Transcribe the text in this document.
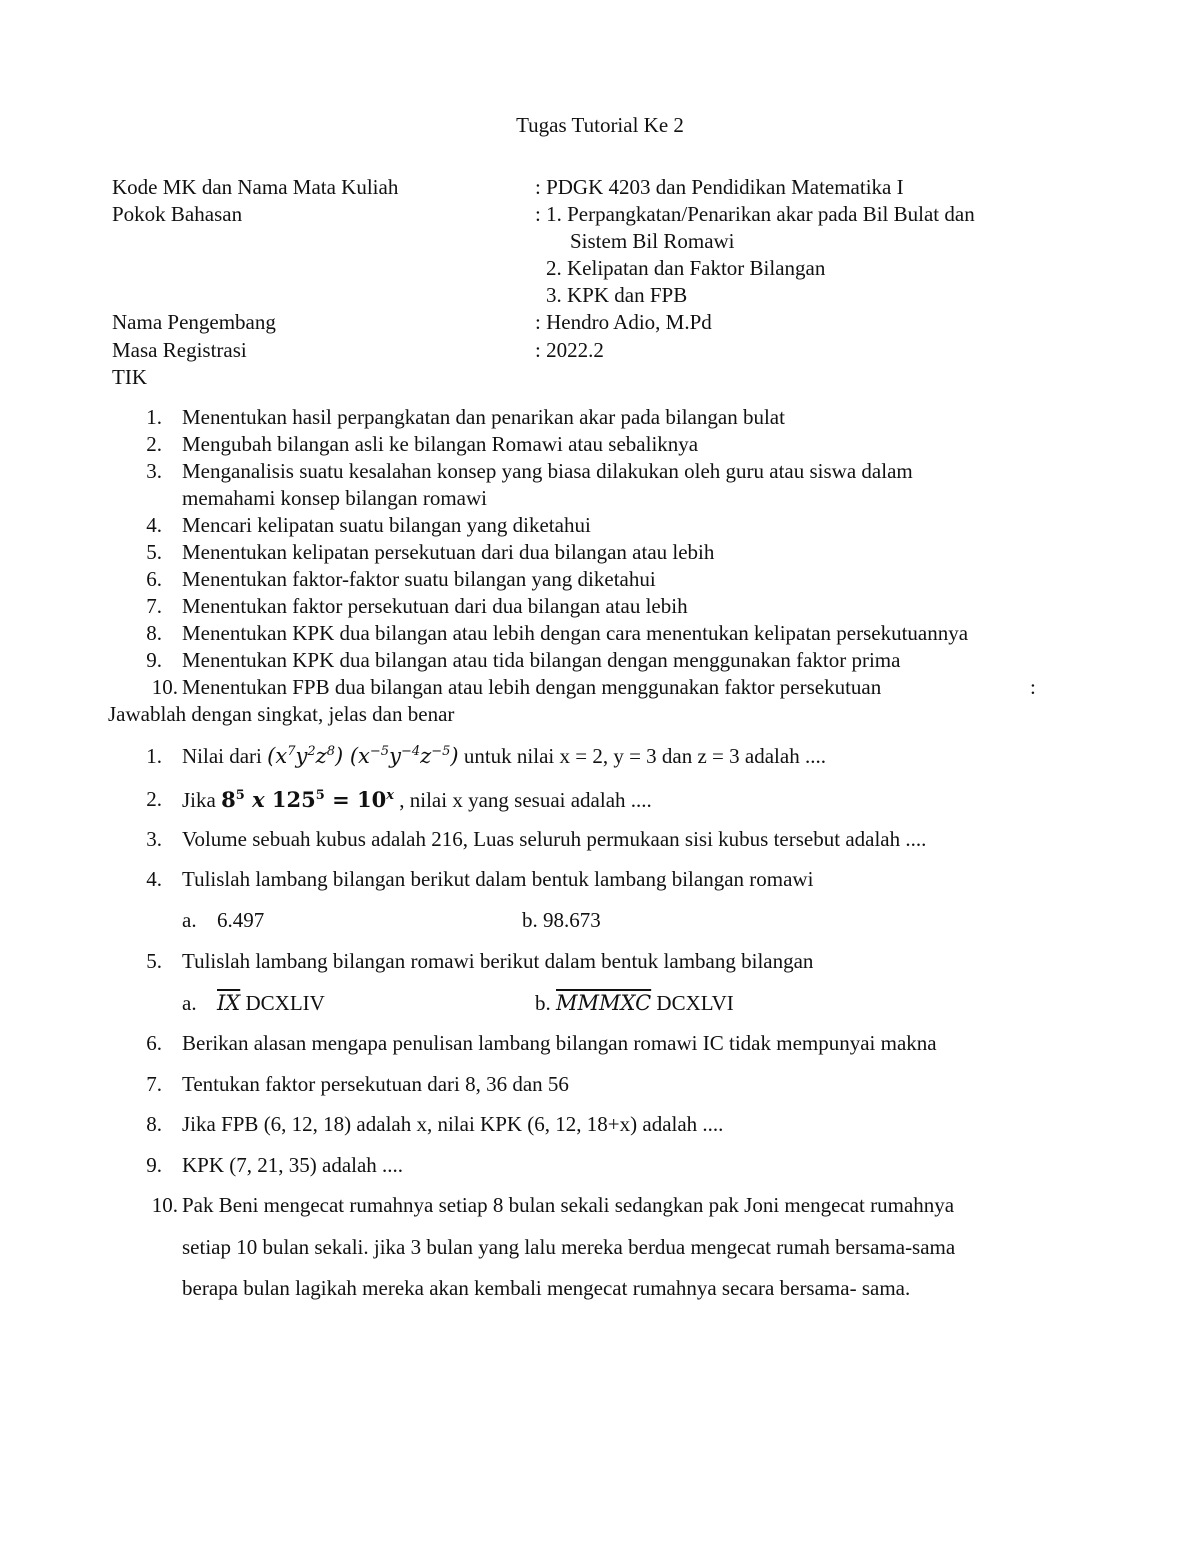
Tugas Tutorial Ke 2
Kode MK dan Nama Mata Kuliah	: PDGK 4203 dan Pendidikan Matematika I
Pokok Bahasan	: 1. Perpangkatan/Penarikan akar pada Bil Bulat dan
Sistem Bil Romawi
2. Kelipatan dan Faktor Bilangan
3. KPK dan FPB
Nama Pengembang	: Hendro Adio, M.Pd
Masa Registrasi	: 2022.2
TIK
1. Menentukan hasil perpangkatan dan penarikan akar pada bilangan bulat
2. Mengubah bilangan asli ke bilangan Romawi atau sebaliknya
3. Menganalisis suatu kesalahan konsep yang biasa dilakukan oleh guru atau siswa dalam
memahami konsep bilangan romawi
4. Mencari kelipatan suatu bilangan yang diketahui
5. Menentukan kelipatan persekutuan dari dua bilangan atau lebih
6. Menentukan faktor-faktor suatu bilangan yang diketahui
7. Menentukan faktor persekutuan dari dua bilangan atau lebih
8. Menentukan KPK dua bilangan atau lebih dengan cara menentukan kelipatan persekutuannya
9. Menentukan KPK dua bilangan atau tida bilangan dengan menggunakan faktor prima
10. Menentukan FPB dua bilangan atau lebih dengan menggunakan faktor persekutuan	:
Jawablah dengan singkat, jelas dan benar
1. Nilai dari $(x^7y^2z^8)$ $(x^{-5}y^{-4}z^{-5})$ untuk nilai x = 2, y = 3 dan z = 3 adalah ....
2. Jika $8^5$ x $125^5 = 10^x$ , nilai x yang sesuai adalah ....
3. Volume sebuah kubus adalah 216, Luas seluruh permukaan sisi kubus tersebut adalah ....
4. Tulislah lambang bilangan berikut dalam bentuk lambang bilangan romawi
a. 6.497	b. 98.673
5. Tulislah lambang bilangan romawi berikut dalam bentuk lambang bilangan
a. $\overline{IX}$ DCXLIV	b. MMMXC DCXLVI
6. Berikan alasan mengapa penulisan lambang bilangan romawi IC tidak mempunyai makna
7. Tentukan faktor persekutuan dari 8, 36 dan 56
8. Jika FPB (6, 12, 18) adalah x, nilai KPK (6, 12, 18+x) adalah ....
9. KPK (7, 21, 35) adalah ....
10. Pak Beni mengecat rumahnya setiap 8 bulan sekali sedangkan pak Joni mengecat rumahnya
setiap 10 bulan sekali. jika 3 bulan yang lalu mereka berdua mengecat rumah bersama-sama
berapa bulan lagikah mereka akan kembali mengecat rumahnya secara bersama- sama.
